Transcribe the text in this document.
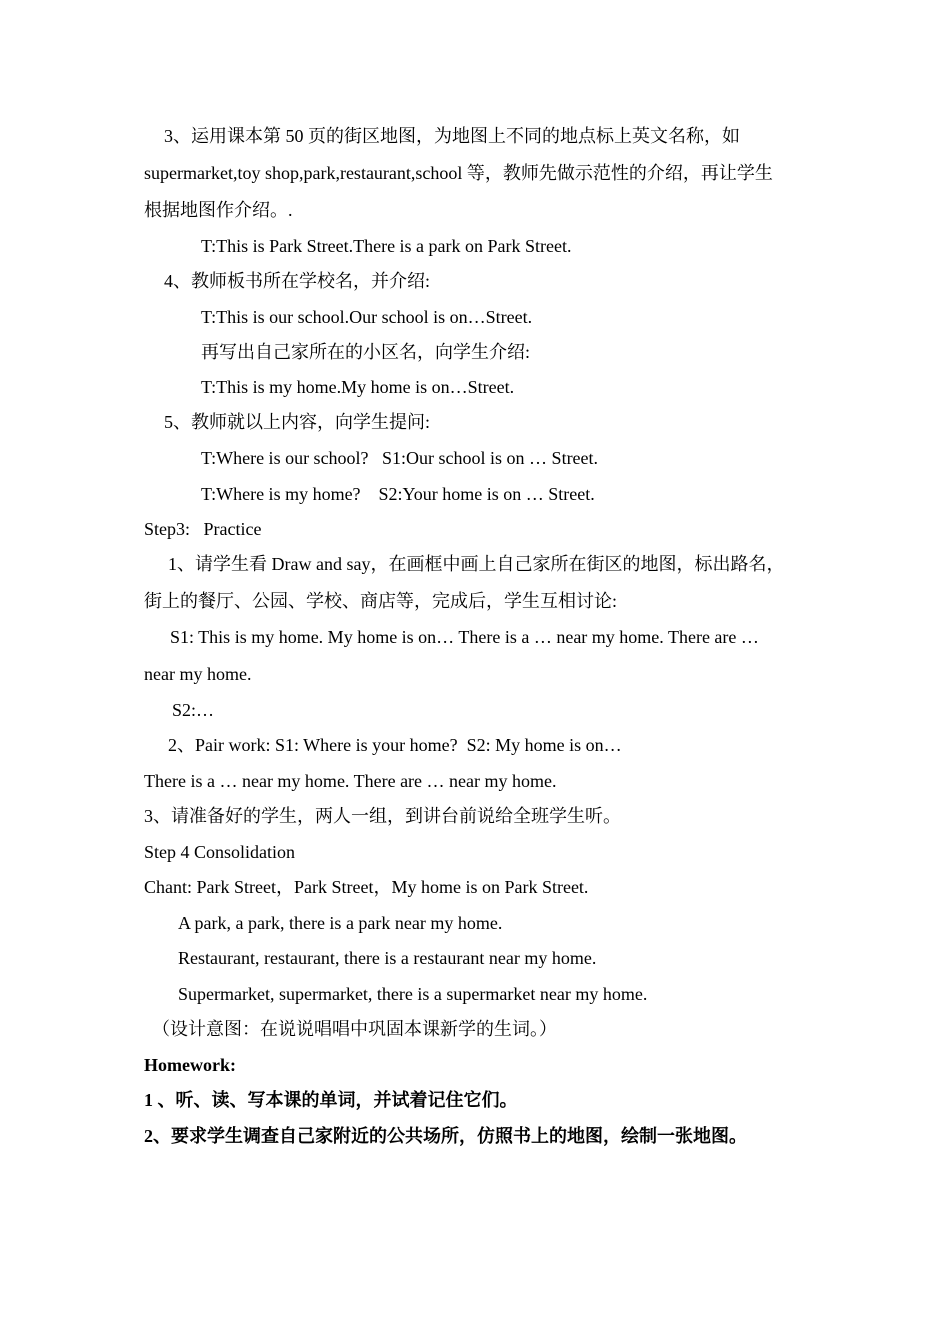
3、运用课本第 50 页的街区地图，为地图上不同的地点标上英文名称，如
supermarket,toy shop,park,restaurant,school 等，教师先做示范性的介绍，再让学生
根据地图作介绍。.
T:This is Park Street.There is a park on Park Street.
4、教师板书所在学校名，并介绍:
T:This is our school.Our school is on…Street.
再写出自己家所在的小区名，向学生介绍:
T:This is my home.My home is on…Street.
5、教师就以上内容，向学生提问:
T:Where is our school?   S1:Our school is on … Street.
T:Where is my home?    S2:Your home is on … Street.
Step3:   Practice
1、请学生看 Draw and say，在画框中画上自己家所在街区的地图，标出路名，
街上的餐厅、公园、学校、商店等，完成后，学生互相讨论:
S1: This is my home. My home is on… There is a … near my home. There are …
near my home.
S2:…
2、Pair work: S1: Where is your home?  S2: My home is on…
There is a … near my home. There are … near my home.
3、请准备好的学生，两人一组，到讲台前说给全班学生听。
Step 4 Consolidation
Chant: Park Street，Park Street，My home is on Park Street.
A park, a park, there is a park near my home.
Restaurant, restaurant, there is a restaurant near my home.
Supermarket, supermarket, there is a supermarket near my home.
（设计意图：在说说唱唱中巩固本课新学的生词。）
Homework:
1 、听、读、写本课的单词，并试着记住它们。
2、要求学生调查自己家附近的公共场所，仿照书上的地图，绘制一张地图。
